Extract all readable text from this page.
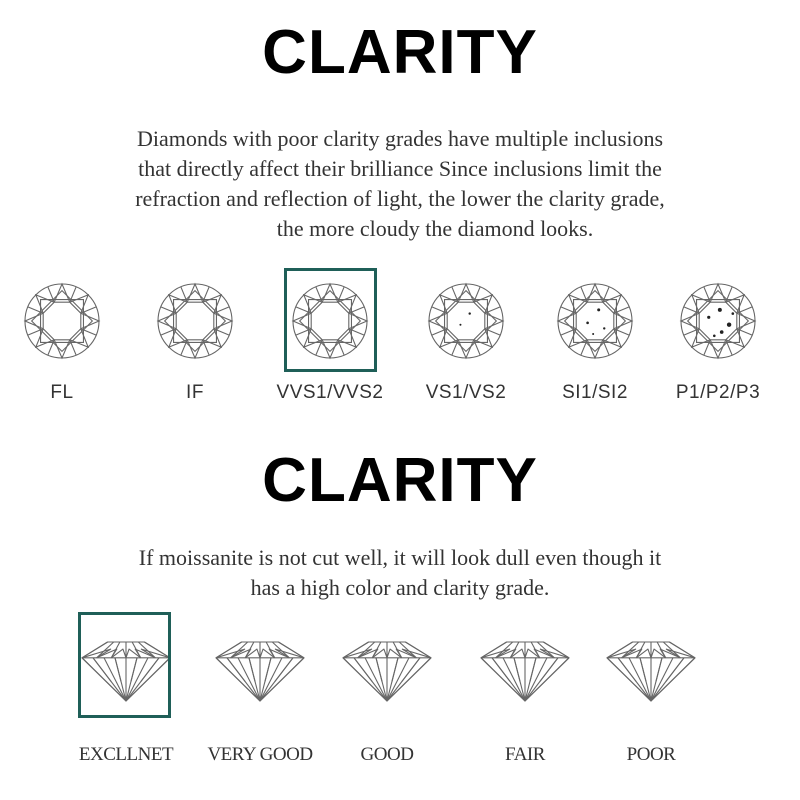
CLARITY
Diamonds with poor clarity grades have multiple inclusions
that directly affect their brilliance Since inclusions limit the
refraction and reflection of light, the lower the clarity grade,
the more cloudy the diamond looks.
FL	IF	VVS1/VVS2	VS1/VS2	SI1/SI2	P1/P2/P3
CLARITY
If moissanite is not cut well, it will look dull even though it
has a high color and clarity grade.
EXCLLNET	VERY GOOD	GOOD	FAIR	POOR
